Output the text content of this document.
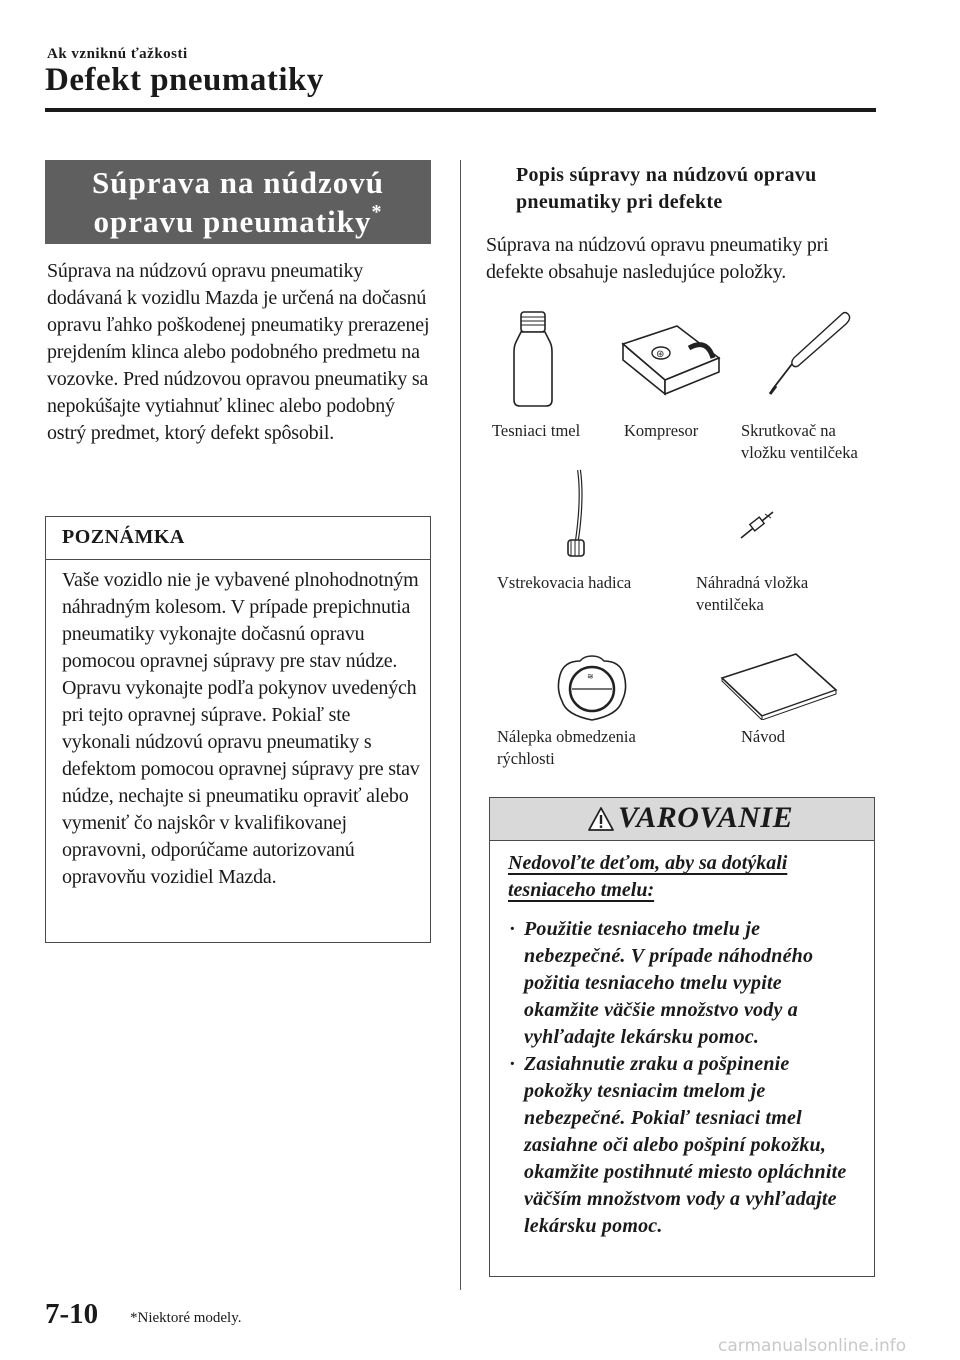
Ak vzniknú ťažkosti
Defekt pneumatiky
Súprava na núdzovú
opravu pneumatiky*
Súprava na núdzovú opravu pneumatiky dodávaná k vozidlu Mazda je určená na dočasnú opravu ľahko poškodenej pneumatiky prerazenej prejdením klinca alebo podobného predmetu na vozovke. Pred núdzovou opravou pneumatiky sa nepokúšajte vytiahnuť klinec alebo podobný ostrý predmet, ktorý defekt spôsobil.
POZNÁMKA
Vaše vozidlo nie je vybavené plnohodnotným náhradným kolesom. V prípade prepichnutia pneumatiky vykonajte dočasnú opravu pomocou opravnej súpravy pre stav núdze. Opravu vykonajte podľa pokynov uvedených pri tejto opravnej súprave. Pokiaľ ste vykonali núdzovú opravu pneumatiky s defektom pomocou opravnej súpravy pre stav núdze, nechajte si pneumatiku opraviť alebo vymeniť čo najskôr v kvalifikovanej opravovni, odporúčame autorizovanú opravovňu vozidiel Mazda.
Popis súpravy na núdzovú opravu pneumatiky pri defekte
Súprava na núdzovú opravu pneumatiky pri defekte obsahuje nasledujúce položky.
⊛
≋
Tesniaci tmel	Kompresor	Skrutkovač na vložku ventilčeka
Vstrekovacia hadica	Náhradná vložka ventilčeka
Nálepka obmedzenia rýchlosti
Návod
VAROVANIE
Nedovoľte deťom, aby sa dotýkali tesniaceho tmelu:
· Použitie tesniaceho tmelu je nebezpečné. V prípade náhodného požitia tesniaceho tmelu vypite okamžite väčšie množstvo vody a vyhľadajte lekársku pomoc.
· Zasiahnutie zraku a pošpinenie pokožky tesniacim tmelom je nebezpečné. Pokiaľ tesniaci tmel zasiahne oči alebo pošpiní pokožku, okamžite postihnuté miesto opláchnite väčším množstvom vody a vyhľadajte lekársku pomoc.
7-10 *Niektoré modely.
carmanualsonline.info
